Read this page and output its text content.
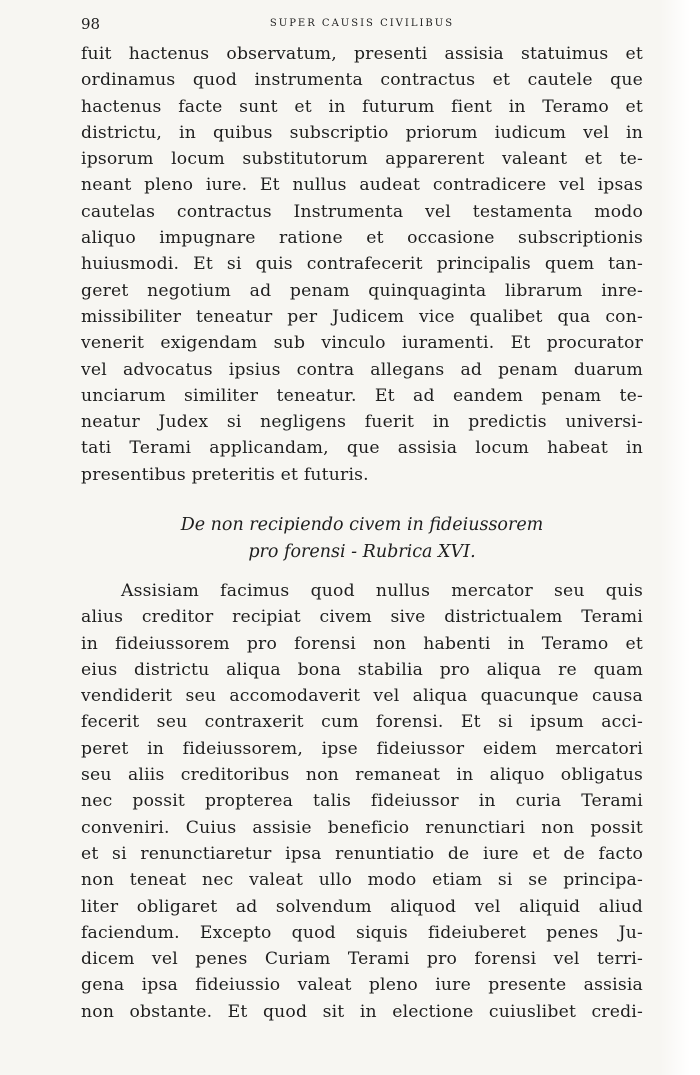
98	SUPER CAUSIS CIVILIBUS
fuit hactenus observatum, presenti assisia statuimus et
ordinamus quod instrumenta contractus et cautele que
hactenus facte sunt et in futurum fient in Teramo et
districtu, in quibus subscriptio priorum iudicum vel in
ipsorum locum substitutorum apparerent valeant et te-
neant pleno iure. Et nullus audeat contradicere vel ipsas
cautelas contractus Instrumenta vel testamenta modo
aliquo impugnare ratione et occasione subscriptionis
huiusmodi. Et si quis contrafecerit principalis quem tan-
geret negotium ad penam quinquaginta librarum inre-
missibiliter teneatur per Judicem vice qualibet qua con-
venerit exigendam sub vinculo iuramenti. Et procurator
vel advocatus ipsius contra allegans ad penam duarum
unciarum similiter teneatur. Et ad eandem penam te-
neatur Judex si negligens fuerit in predictis universi-
tati Terami applicandam, que assisia locum habeat in
presentibus preteritis et futuris.
De non recipiendo civem in fideiussorem
pro forensi - Rubrica XVI.
Assisiam facimus quod nullus mercator seu quis
alius creditor recipiat civem sive districtualem Terami
in fideiussorem pro forensi non habenti in Teramo et
eius districtu aliqua bona stabilia pro aliqua re quam
vendiderit seu accomodaverit vel aliqua quacunque causa
fecerit seu contraxerit cum forensi. Et si ipsum acci-
peret in fideiussorem, ipse fideiussor eidem mercatori
seu aliis creditoribus non remaneat in aliquo obligatus
nec possit propterea talis fideiussor in curia Terami
conveniri. Cuius assisie beneficio renunctiari non possit
et si renunctiaretur ipsa renuntiatio de iure et de facto
non teneat nec valeat ullo modo etiam si se principa-
liter obligaret ad solvendum aliquod vel aliquid aliud
faciendum. Excepto quod siquis fideiuberet penes Ju-
dicem vel penes Curiam Terami pro forensi vel terri-
gena ipsa fideiussio valeat pleno iure presente assisia
non obstante. Et quod sit in electione cuiuslibet credi-
